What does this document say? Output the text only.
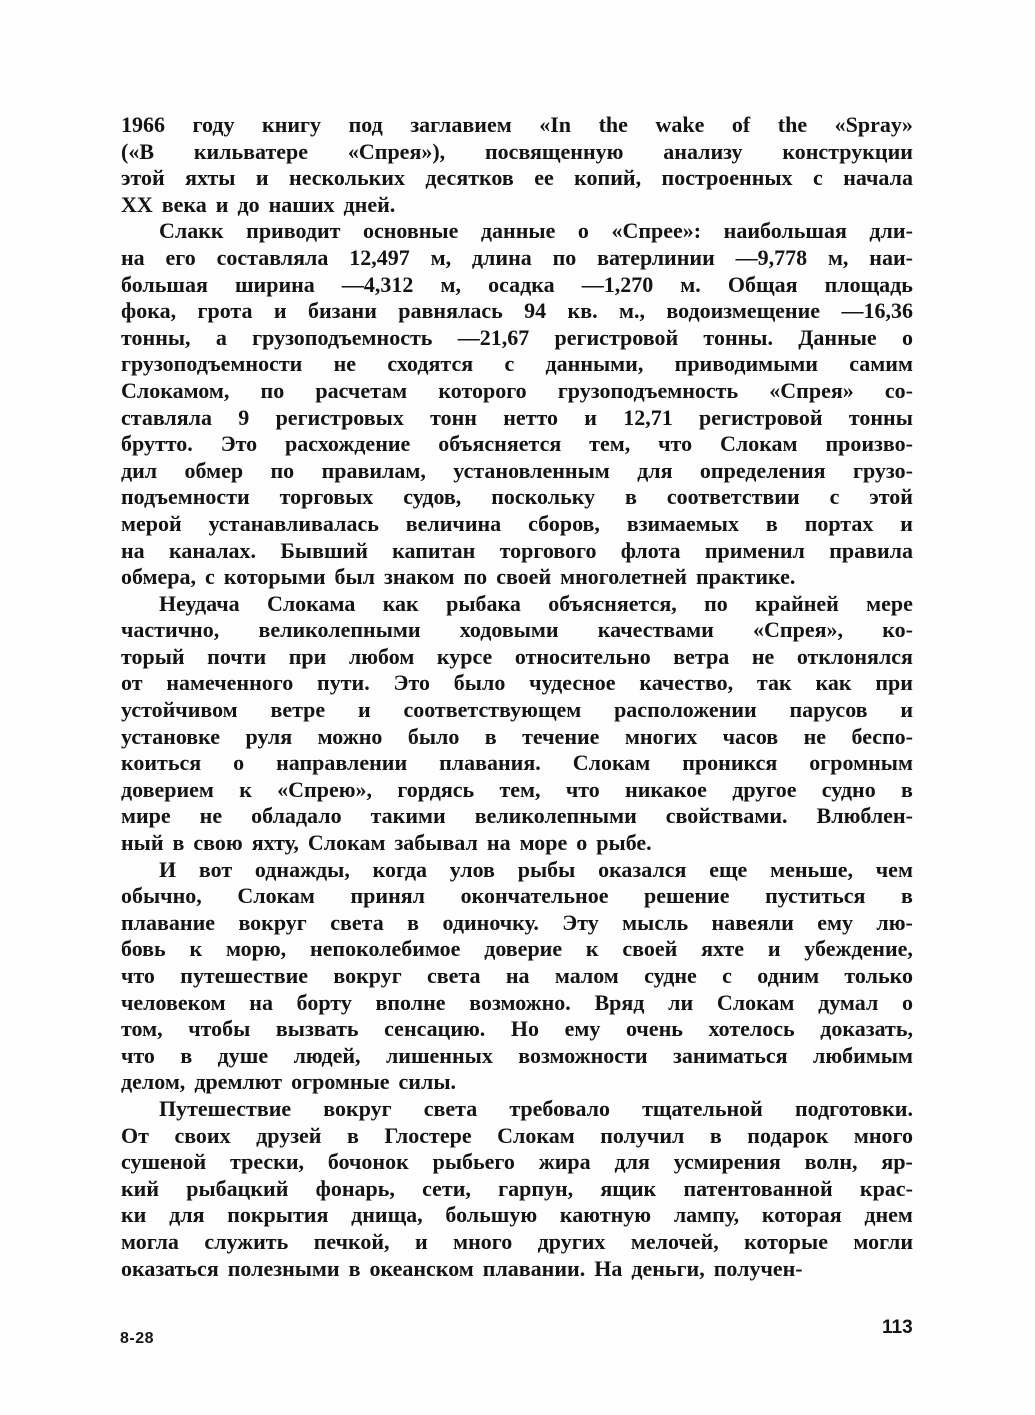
1966 году книгу под заглавием «In the wake of the «Spray»
(«В кильватере «Спрея»), посвященную анализу конструкции
этой яхты и нескольких десятков ее копий, построенных с начала
XX века и до наших дней.
Слакк приводит основные данные о «Спрее»: наибольшая дли-
на его составляла 12,497 м, длина по ватерлинии —9,778 м, наи-
большая ширина —4,312 м, осадка —1,270 м. Общая площадь
фока, грота и бизани равнялась 94 кв. м., водоизмещение —16,36
тонны, а грузоподъемность —21,67 регистровой тонны. Данные о
грузоподъемности не сходятся с данными, приводимыми самим
Слокамом, по расчетам которого грузоподъемность «Спрея» со-
ставляла 9 регистровых тонн нетто и 12,71 регистровой тонны
брутто. Это расхождение объясняется тем, что Слокам произво-
дил обмер по правилам, установленным для определения грузо-
подъемности торговых судов, поскольку в соответствии с этой
мерой устанавливалась величина сборов, взимаемых в портах и
на каналах. Бывший капитан торгового флота применил правила
обмера, с которыми был знаком по своей многолетней практике.
Неудача Слокама как рыбака объясняется, по крайней мере
частично, великолепными ходовыми качествами «Спрея», ко-
торый почти при любом курсе относительно ветра не отклонялся
от намеченного пути. Это было чудесное качество, так как при
устойчивом ветре и соответствующем расположении парусов и
установке руля можно было в течение многих часов не беспо-
коиться о направлении плавания. Слокам проникся огромным
доверием к «Спрею», гордясь тем, что никакое другое судно в
мире не обладало такими великолепными свойствами. Влюблен-
ный в свою яхту, Слокам забывал на море о рыбе.
И вот однажды, когда улов рыбы оказался еще меньше, чем
обычно, Слокам принял окончательное решение пуститься в
плавание вокруг света в одиночку. Эту мысль навеяли ему лю-
бовь к морю, непоколебимое доверие к своей яхте и убеждение,
что путешествие вокруг света на малом судне с одним только
человеком на борту вполне возможно. Вряд ли Слокам думал о
том, чтобы вызвать сенсацию. Но ему очень хотелось доказать,
что в душе людей, лишенных возможности заниматься любимым
делом, дремлют огромные силы.
Путешествие вокруг света требовало тщательной подготовки.
От своих друзей в Глостере Слокам получил в подарок много
сушеной трески, бочонок рыбьего жира для усмирения волн, яр-
кий рыбацкий фонарь, сети, гарпун, ящик патентованной крас-
ки для покрытия днища, большую каютную лампу, которая днем
могла служить печкой, и много других мелочей, которые могли
оказаться полезными в океанском плавании. На деньги, получен-
8-28
113
